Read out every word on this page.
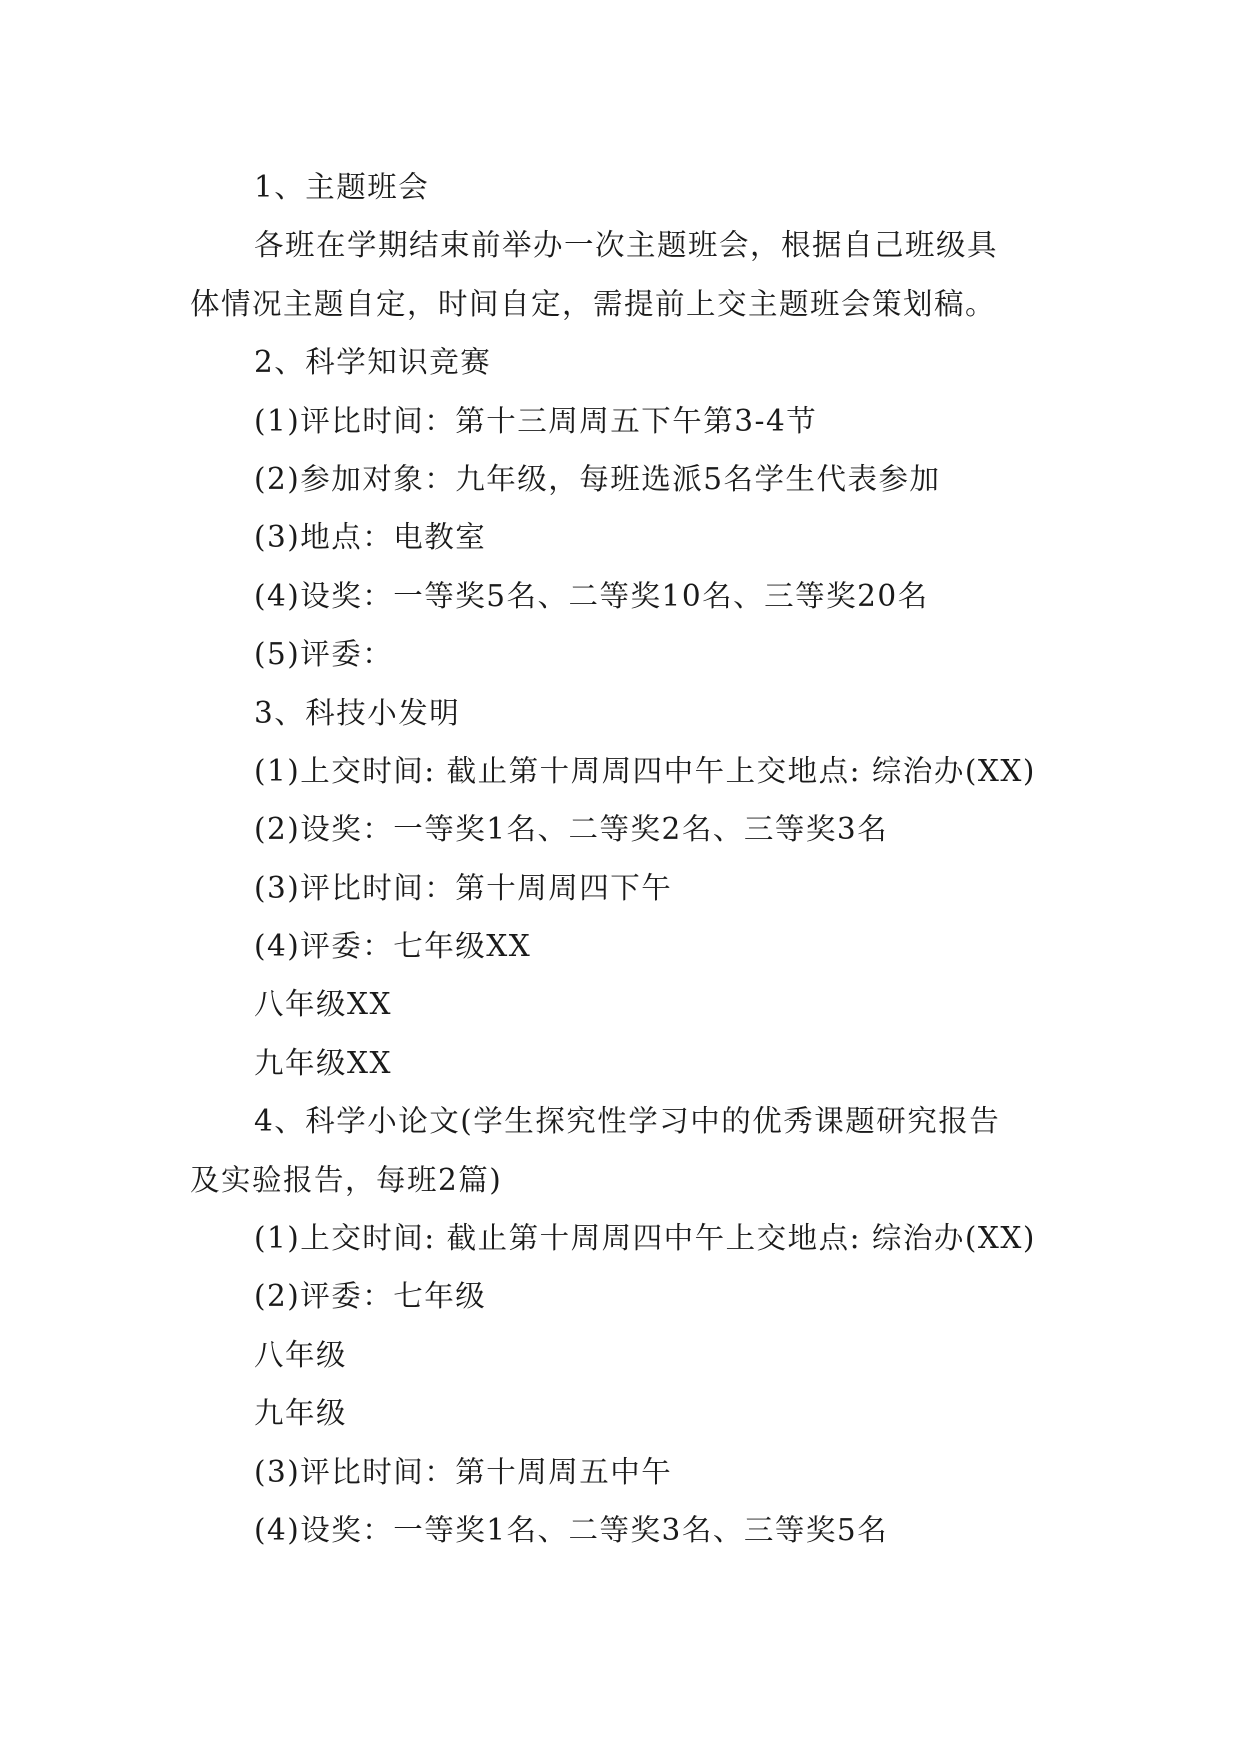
1、主题班会
各班在学期结束前举办一次主题班会，根据自己班级具
体情况主题自定，时间自定，需提前上交主题班会策划稿。
2、科学知识竞赛
(1)评比时间：第十三周周五下午第3-4节
(2)参加对象：九年级，每班选派5名学生代表参加
(3)地点：电教室
(4)设奖：一等奖5名、二等奖10名、三等奖20名
(5)评委：
3、科技小发明
(1)上交时间: 截止第十周周四中午上交地点: 综治办(XX)
(2)设奖：一等奖1名、二等奖2名、三等奖3名
(3)评比时间：第十周周四下午
(4)评委：七年级XX
八年级XX
九年级XX
4、科学小论文(学生探究性学习中的优秀课题研究报告
及实验报告，每班2篇)
(1)上交时间: 截止第十周周四中午上交地点: 综治办(XX)
(2)评委：七年级
八年级
九年级
(3)评比时间：第十周周五中午
(4)设奖：一等奖1名、二等奖3名、三等奖5名
